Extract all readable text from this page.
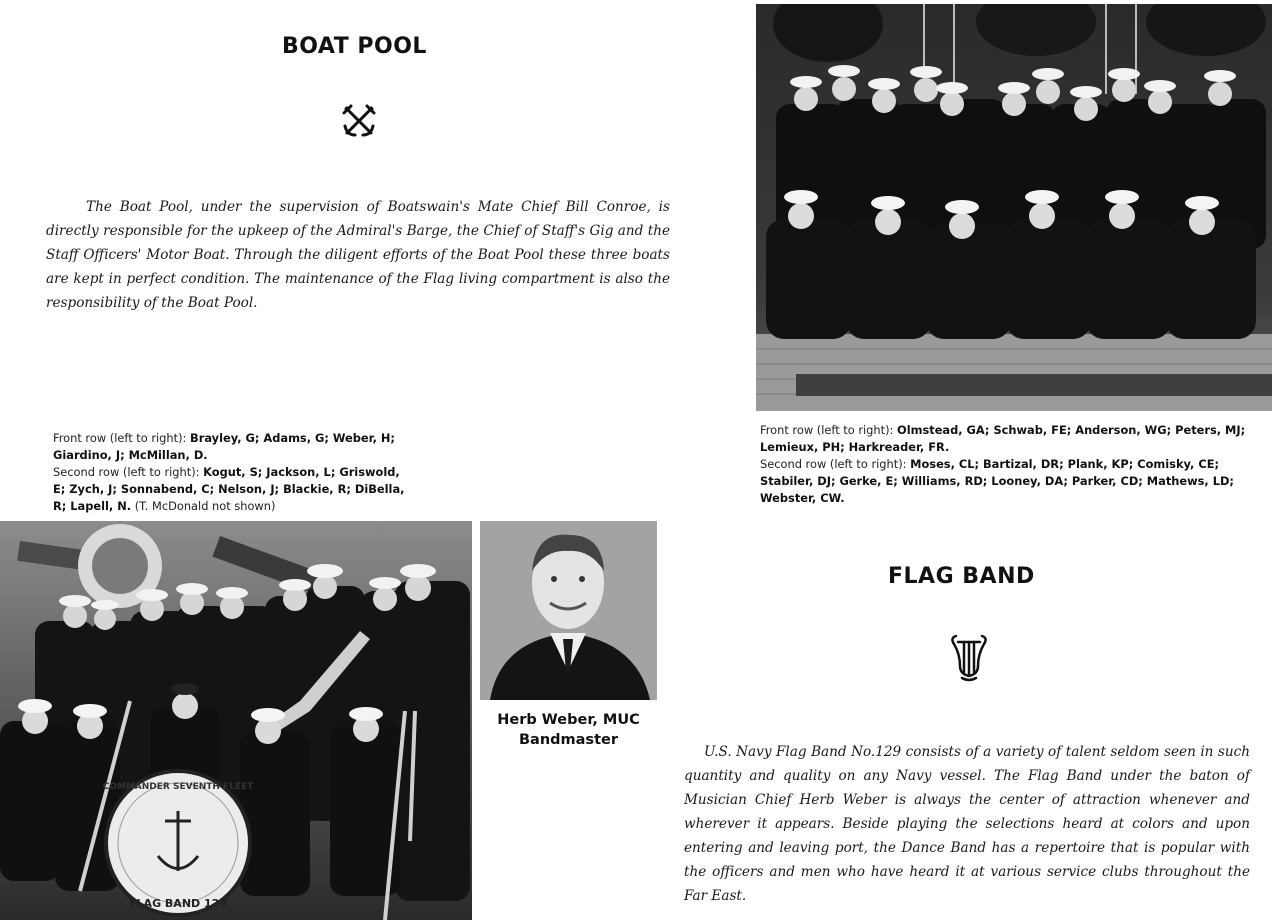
BOAT POOL

The Boat Pool, under the supervision of Boatswain's Mate Chief Bill Conroe, is directly responsible for the upkeep of the Admiral's Barge, the Chief of Staff's Gig and the Staff Officers' Motor Boat. Through the diligent efforts of the Boat Pool these three boats are kept in perfect condition. The maintenance of the Flag living compartment is also the responsibility of the Boat Pool.

Front row (left to right): Olmstead, GA; Schwab, FE; Anderson, WG; Peters, MJ; Lemieux, PH; Harkreader, FR.
Second row (left to right): Moses, CL; Bartizal, DR; Plank, KP; Comisky, CE; Stabiler, DJ; Gerke, E; Williams, RD; Looney, DA; Parker, CD; Mathews, LD; Webster, CW.

Front row (left to right): Brayley, G; Adams, G; Weber, H; Giardino, J; McMillan, D.
Second row (left to right): Kogut, S; Jackson, L; Griswold, E; Zych, J; Sonnabend, C; Nelson, J; Blackie, R; DiBella, R; Lapell, N. (T. McDonald not shown)

COMMANDER SEVENTH FLEET
FLAG BAND 129
Herb Weber, MUC
Bandmaster
FLAG BAND

U.S. Navy Flag Band No.129 consists of a variety of talent seldom seen in such quantity and quality on any Navy vessel. The Flag Band under the baton of Musician Chief Herb Weber is always the center of attraction whenever and wherever it appears. Beside playing the selections heard at colors and upon entering and leaving port, the Dance Band has a repertoire that is popular with the officers and men who have heard it at various service clubs throughout the Far East.
